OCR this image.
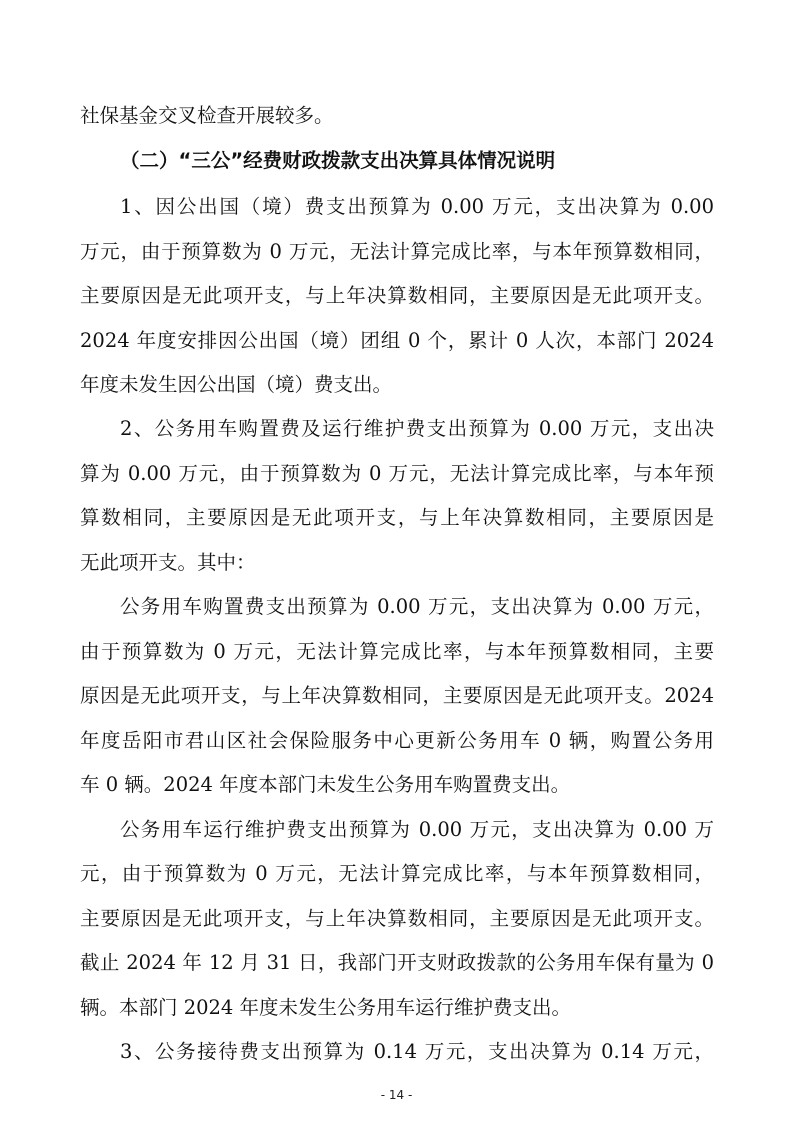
社保基金交叉检查开展较多。
（二）“三公”经费财政拨款支出决算具体情况说明
1、因公出国（境）费支出预算为 0.00 万元，支出决算为 0.00
万元，由于预算数为 0 万元，无法计算完成比率，与本年预算数相同，
主要原因是无此项开支，与上年决算数相同，主要原因是无此项开支。
2024 年度安排因公出国（境）团组 0 个，累计 0 人次，本部门 2024
年度未发生因公出国（境）费支出。
2、公务用车购置费及运行维护费支出预算为 0.00 万元，支出决
算为 0.00 万元，由于预算数为 0 万元，无法计算完成比率，与本年预
算数相同，主要原因是无此项开支，与上年决算数相同，主要原因是
无此项开支。其中：
公务用车购置费支出预算为 0.00 万元，支出决算为 0.00 万元，
由于预算数为 0 万元，无法计算完成比率，与本年预算数相同，主要
原因是无此项开支，与上年决算数相同，主要原因是无此项开支。2024
年度岳阳市君山区社会保险服务中心更新公务用车 0 辆，购置公务用
车 0 辆。2024 年度本部门未发生公务用车购置费支出。
公务用车运行维护费支出预算为 0.00 万元，支出决算为 0.00 万
元，由于预算数为 0 万元，无法计算完成比率，与本年预算数相同，
主要原因是无此项开支，与上年决算数相同，主要原因是无此项开支。
截止 2024 年 12 月 31 日，我部门开支财政拨款的公务用车保有量为 0
辆。本部门 2024 年度未发生公务用车运行维护费支出。
3、公务接待费支出预算为 0.14 万元，支出决算为 0.14 万元，
- 14 -
